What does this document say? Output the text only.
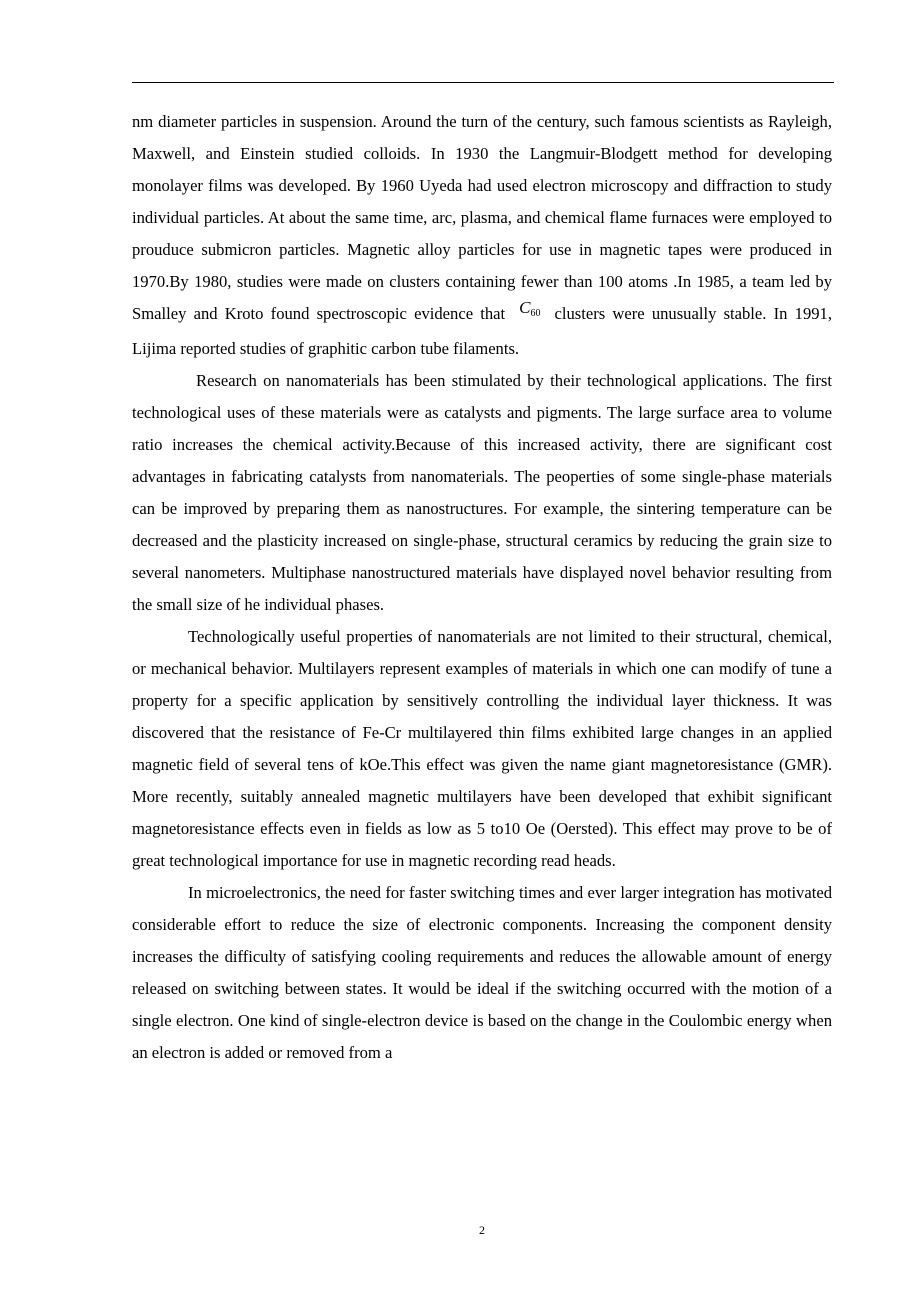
nm diameter particles in suspension. Around the turn of the century, such famous scientists as Rayleigh, Maxwell, and Einstein studied colloids. In 1930 the Langmuir-Blodgett method for developing monolayer films was developed. By 1960 Uyeda had used electron microscopy and diffraction to study individual particles. At about the same time, arc, plasma, and chemical flame furnaces were employed to prouduce submicron particles. Magnetic alloy particles for use in magnetic tapes were produced in 1970.By 1980, studies were made on clusters containing fewer than 100 atoms .In 1985, a team led by Smalley and Kroto found spectroscopic evidence that C60 clusters were unusually stable. In 1991, Lijima reported studies of graphitic carbon tube filaments.

Research on nanomaterials has been stimulated by their technological applications. The first technological uses of these materials were as catalysts and pigments. The large surface area to volume ratio increases the chemical activity.Because of this increased activity, there are significant cost advantages in fabricating catalysts from nanomaterials. The peoperties of some single-phase materials can be improved by preparing them as nanostructures. For example, the sintering temperature can be decreased and the plasticity increased on single-phase, structural ceramics by reducing the grain size to several nanometers. Multiphase nanostructured materials have displayed novel behavior resulting from the small size of he individual phases.

Technologically useful properties of nanomaterials are not limited to their structural, chemical, or mechanical behavior. Multilayers represent examples of materials in which one can modify of tune a property for a specific application by sensitively controlling the individual layer thickness. It was discovered that the resistance of Fe-Cr multilayered thin films exhibited large changes in an applied magnetic field of several tens of kOe.This effect was given the name giant magnetoresistance (GMR). More recently, suitably annealed magnetic multilayers have been developed that exhibit significant magnetoresistance effects even in fields as low as 5 to10 Oe (Oersted). This effect may prove to be of great technological importance for use in magnetic recording read heads.

In microelectronics, the need for faster switching times and ever larger integration has motivated considerable effort to reduce the size of electronic components. Increasing the component density increases the difficulty of satisfying cooling requirements and reduces the allowable amount of energy released on switching between states. It would be ideal if the switching occurred with the motion of a single electron. One kind of single-electron device is based on the change in the Coulombic energy when an electron is added or removed from a

2
